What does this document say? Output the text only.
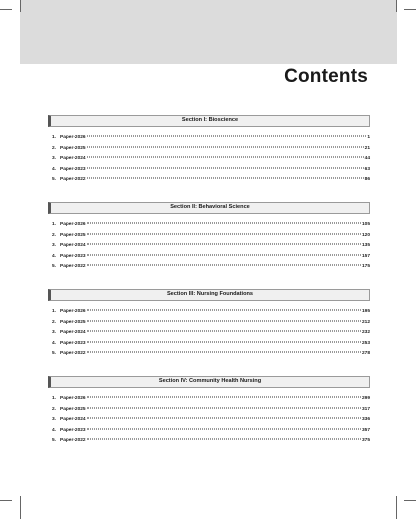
Contents
Section I: Bioscience
1. Paper-2026	1
2. Paper-2025	21
3. Paper-2024	44
4. Paper-2023	63
5. Paper-2022	86
Section II: Behavioral Science
1. Paper-2026	105
2. Paper-2025	120
3. Paper-2024	135
4. Paper-2023	157
5. Paper-2022	175
Section III: Nursing Foundations
1. Paper-2026	195
2. Paper-2025	212
3. Paper-2024	232
4. Paper-2023	253
5. Paper-2022	278
Section IV: Community Health Nursing
1. Paper-2026	299
2. Paper-2025	317
3. Paper-2024	336
4. Paper-2023	357
5. Paper-2022	375
